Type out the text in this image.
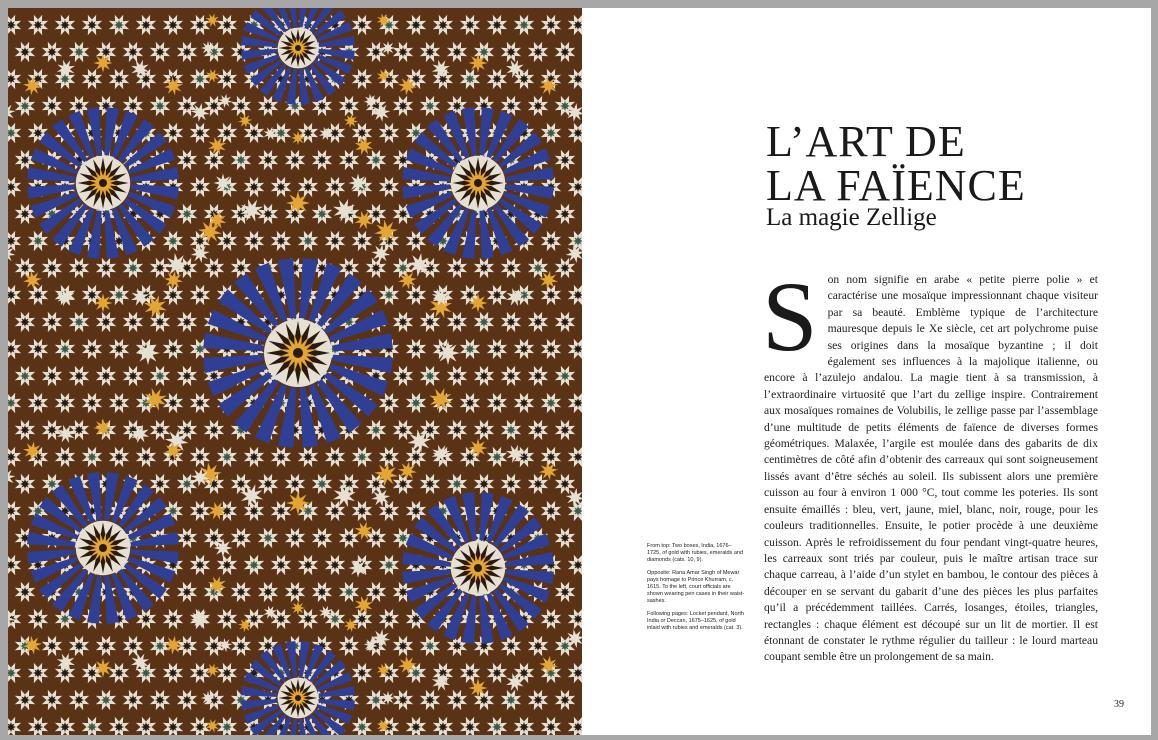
L’ART DE
LA FAÏENCE
La magie Zellige
Son nom signifie en arabe « petite pierre polie » et caractérise une mosaïque impressionnant chaque visiteur par sa beauté. Emblème typique de l’architecture mauresque depuis le Xe siècle, cet art polychrome puise ses origines dans la mosaïque byzantine ; il doit également ses influences à la majolique italienne, ou encore à l’azulejo andalou. La magie tient à sa transmission, à l’extraordinaire virtuosité que l’art du zellige inspire. Contrairement aux mosaïques romaines de Volubilis, le zellige passe par l’assemblage d’une multitude de petits éléments de faïence de diverses formes géométriques. Malaxée, l’argile est moulée dans des gabarits de dix centimètres de côté afin d’obtenir des carreaux qui sont soigneusement lissés avant d’être séchés au soleil. Ils subissent alors une première cuisson au four à environ 1 000 °C, tout comme les poteries. Ils sont ensuite émaillés : bleu, vert, jaune, miel, blanc, noir, rouge, pour les couleurs traditionnelles. Ensuite, le potier procède à une deuxième cuisson. Après le refroidissement du four pendant vingt-quatre heures, les carreaux sont triés par couleur, puis le maître artisan trace sur chaque carreau, à l’aide d’un stylet en bambou, le contour des pièces à découper en se servant du gabarit d’une des pièces les plus parfaites qu’il a précédemment taillées. Carrés, losanges, étoiles, triangles, rectangles : chaque élément est découpé sur un lit de mortier. Il est étonnant de constater le rythme régulier du tailleur : le lourd marteau coupant semble être un prolongement de sa main.

From top: Two boxes, India, 1676–1725, of gold with rubies, emeralds and diamonds (cats. 10, 9).

Opposite: Rana Amar Singh of Mewar pays homage to Prince Khurram, c. 1615. To the left, court officials are shown wearing pen cases in their waist-sashes.

Following pages: Locket pendant, North India or Deccan, 1675–1625, of gold inlaid with rubies and emeralds (cat. 3).

39
